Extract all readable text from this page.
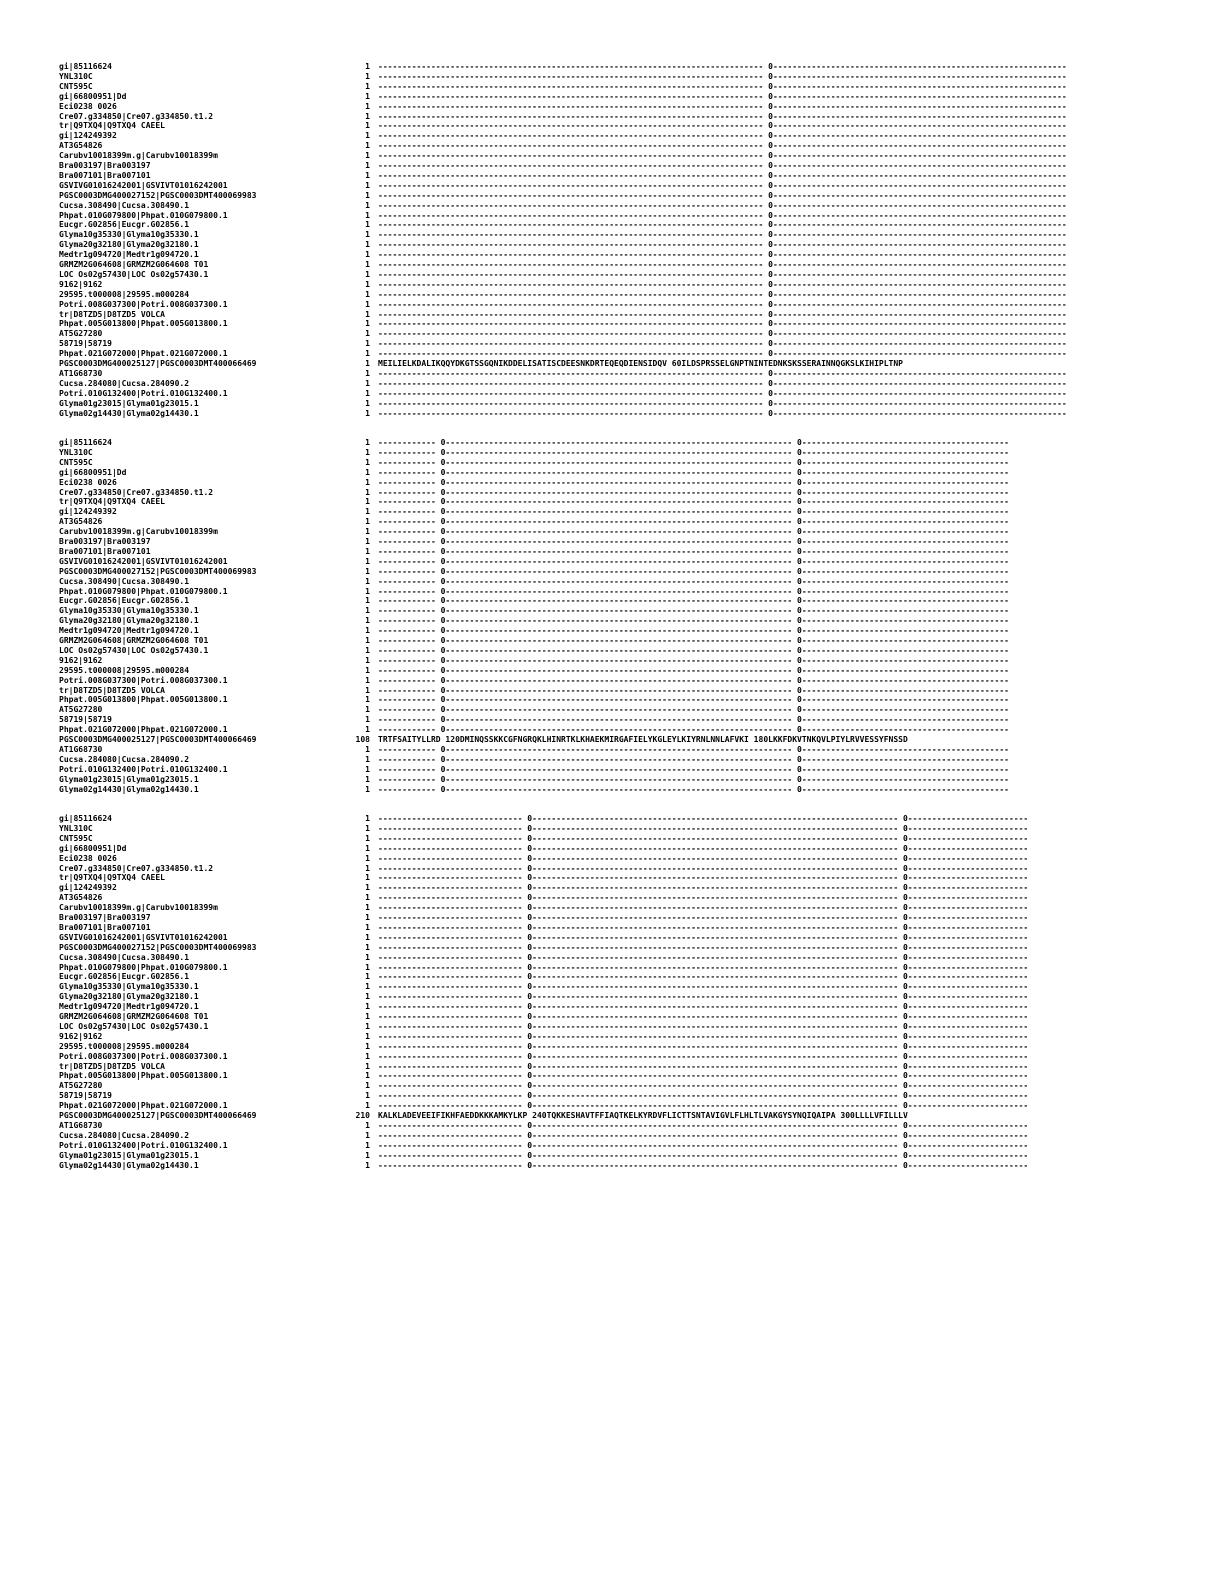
gi|85116624	1 -------------------------------------------------------------------------------- 0-------------------------------------------------------------
YNL310C	1 -------------------------------------------------------------------------------- 0-------------------------------------------------------------
CNT595C	1 -------------------------------------------------------------------------------- 0-------------------------------------------------------------
gi|66800951|Dd	1 -------------------------------------------------------------------------------- 0-------------------------------------------------------------
Eci0238 0026	1 -------------------------------------------------------------------------------- 0-------------------------------------------------------------
Cre07.g334850|Cre07.g334850.t1.2	1 -------------------------------------------------------------------------------- 0-------------------------------------------------------------
tr|Q9TXQ4|Q9TXQ4 CAEEL	1 -------------------------------------------------------------------------------- 0-------------------------------------------------------------
gi|124249392	1 -------------------------------------------------------------------------------- 0-------------------------------------------------------------
AT3G54826	1 -------------------------------------------------------------------------------- 0-------------------------------------------------------------
Carubv10018399m.g|Carubv10018399m	1 -------------------------------------------------------------------------------- 0-------------------------------------------------------------
Bra003197|Bra003197	1 -------------------------------------------------------------------------------- 0-------------------------------------------------------------
Bra007101|Bra007101	1 -------------------------------------------------------------------------------- 0-------------------------------------------------------------
GSVIVG01016242001|GSVIVT01016242001	1 -------------------------------------------------------------------------------- 0-------------------------------------------------------------
PGSC0003DMG400027152|PGSC0003DMT400069983	1 -------------------------------------------------------------------------------- 0-------------------------------------------------------------
Cucsa.308490|Cucsa.308490.1	1 -------------------------------------------------------------------------------- 0-------------------------------------------------------------
Phpat.010G079800|Phpat.010G079800.1	1 -------------------------------------------------------------------------------- 0-------------------------------------------------------------
Eucgr.G02856|Eucgr.G02856.1	1 -------------------------------------------------------------------------------- 0-------------------------------------------------------------
Glyma10g35330|Glyma10g35330.1	1 -------------------------------------------------------------------------------- 0-------------------------------------------------------------
Glyma20g32180|Glyma20g32180.1	1 -------------------------------------------------------------------------------- 0-------------------------------------------------------------
Medtr1g094720|Medtr1g094720.1	1 -------------------------------------------------------------------------------- 0-------------------------------------------------------------
GRMZM2G064608|GRMZM2G064608 T01	1 -------------------------------------------------------------------------------- 0-------------------------------------------------------------
LOC Os02g57430|LOC Os02g57430.1	1 -------------------------------------------------------------------------------- 0-------------------------------------------------------------
9162|9162	1 -------------------------------------------------------------------------------- 0-------------------------------------------------------------
29595.t000008|29595.m000284	1 -------------------------------------------------------------------------------- 0-------------------------------------------------------------
Potri.008G037300|Potri.008G037300.1	1 -------------------------------------------------------------------------------- 0-------------------------------------------------------------
tr|D8TZD5|D8TZD5 VOLCA	1 -------------------------------------------------------------------------------- 0-------------------------------------------------------------
Phpat.005G013800|Phpat.005G013800.1	1 -------------------------------------------------------------------------------- 0-------------------------------------------------------------
AT5G27280	1 -------------------------------------------------------------------------------- 0-------------------------------------------------------------
58719|58719	1 -------------------------------------------------------------------------------- 0-------------------------------------------------------------
Phpat.021G072000|Phpat.021G072000.1	1 -------------------------------------------------------------------------------- 0-------------------------------------------------------------
PGSC0003DMG400025127|PGSC0003DMT400066469	1 MEILIELKDALIKQQYDKGTSSGQNIKDDELISATISCDEESNKDRTEQEQDIENSIDQV 60ILDSPRSSELGNPTNINTEDNKSKSSERAINNQGKSLKIHIPLTNP
AT1G68730	1 -------------------------------------------------------------------------------- 0-------------------------------------------------------------
Cucsa.284080|Cucsa.284090.2	1 -------------------------------------------------------------------------------- 0-------------------------------------------------------------
Potri.010G132400|Potri.010G132400.1	1 -------------------------------------------------------------------------------- 0-------------------------------------------------------------
Glyma01g23015|Glyma01g23015.1	1 -------------------------------------------------------------------------------- 0-------------------------------------------------------------
Glyma02g14430|Glyma02g14430.1	1 -------------------------------------------------------------------------------- 0-------------------------------------------------------------
gi|85116624	1 ------------ 0------------------------------------------------------------------------ 0-------------------------------------------
YNL310C	1 ------------ 0------------------------------------------------------------------------ 0-------------------------------------------
CNT595C	1 ------------ 0------------------------------------------------------------------------ 0-------------------------------------------
gi|66800951|Dd	1 ------------ 0------------------------------------------------------------------------ 0-------------------------------------------
Eci0238 0026	1 ------------ 0------------------------------------------------------------------------ 0-------------------------------------------
Cre07.g334850|Cre07.g334850.t1.2	1 ------------ 0------------------------------------------------------------------------ 0-------------------------------------------
tr|Q9TXQ4|Q9TXQ4 CAEEL	1 ------------ 0------------------------------------------------------------------------ 0-------------------------------------------
gi|124249392	1 ------------ 0------------------------------------------------------------------------ 0-------------------------------------------
AT3G54826	1 ------------ 0------------------------------------------------------------------------ 0-------------------------------------------
Carubv10018399m.g|Carubv10018399m	1 ------------ 0------------------------------------------------------------------------ 0-------------------------------------------
Bra003197|Bra003197	1 ------------ 0------------------------------------------------------------------------ 0-------------------------------------------
Bra007101|Bra007101	1 ------------ 0------------------------------------------------------------------------ 0-------------------------------------------
GSVIVG01016242001|GSVIVT01016242001	1 ------------ 0------------------------------------------------------------------------ 0-------------------------------------------
PGSC0003DMG400027152|PGSC0003DMT400069983	1 ------------ 0------------------------------------------------------------------------ 0-------------------------------------------
Cucsa.308490|Cucsa.308490.1	1 ------------ 0------------------------------------------------------------------------ 0-------------------------------------------
Phpat.010G079800|Phpat.010G079800.1	1 ------------ 0------------------------------------------------------------------------ 0-------------------------------------------
Eucgr.G02856|Eucgr.G02856.1	1 ------------ 0------------------------------------------------------------------------ 0-------------------------------------------
Glyma10g35330|Glyma10g35330.1	1 ------------ 0------------------------------------------------------------------------ 0-------------------------------------------
Glyma20g32180|Glyma20g32180.1	1 ------------ 0------------------------------------------------------------------------ 0-------------------------------------------
Medtr1g094720|Medtr1g094720.1	1 ------------ 0------------------------------------------------------------------------ 0-------------------------------------------
GRMZM2G064608|GRMZM2G064608 T01	1 ------------ 0------------------------------------------------------------------------ 0-------------------------------------------
LOC Os02g57430|LOC Os02g57430.1	1 ------------ 0------------------------------------------------------------------------ 0-------------------------------------------
9162|9162	1 ------------ 0------------------------------------------------------------------------ 0-------------------------------------------
29595.t000008|29595.m000284	1 ------------ 0------------------------------------------------------------------------ 0-------------------------------------------
Potri.008G037300|Potri.008G037300.1	1 ------------ 0------------------------------------------------------------------------ 0-------------------------------------------
tr|D8TZD5|D8TZD5 VOLCA	1 ------------ 0------------------------------------------------------------------------ 0-------------------------------------------
Phpat.005G013800|Phpat.005G013800.1	1 ------------ 0------------------------------------------------------------------------ 0-------------------------------------------
AT5G27280	1 ------------ 0------------------------------------------------------------------------ 0-------------------------------------------
58719|58719	1 ------------ 0------------------------------------------------------------------------ 0-------------------------------------------
Phpat.021G072000|Phpat.021G072000.1	1 ------------ 0------------------------------------------------------------------------ 0-------------------------------------------
PGSC0003DMG400025127|PGSC0003DMT400066469	108 TRTFSAITYLLRD 120DMINQSSKKCGFNGRQKLHINRTKLKHAEKMIRGAFIELYKGLEYLKIYRNLNNLAFVKI 180LKKFDKVTNKQVLPIYLRVVESSYFNSSD
AT1G68730	1 ------------ 0------------------------------------------------------------------------ 0-------------------------------------------
Cucsa.284080|Cucsa.284090.2	1 ------------ 0------------------------------------------------------------------------ 0-------------------------------------------
Potri.010G132400|Potri.010G132400.1	1 ------------ 0------------------------------------------------------------------------ 0-------------------------------------------
Glyma01g23015|Glyma01g23015.1	1 ------------ 0------------------------------------------------------------------------ 0-------------------------------------------
Glyma02g14430|Glyma02g14430.1	1 ------------ 0------------------------------------------------------------------------ 0-------------------------------------------
gi|85116624	1 ------------------------------ 0---------------------------------------------------------------------------- 0-------------------------
YNL310C	1 ------------------------------ 0---------------------------------------------------------------------------- 0-------------------------
CNT595C	1 ------------------------------ 0---------------------------------------------------------------------------- 0-------------------------
gi|66800951|Dd	1 ------------------------------ 0---------------------------------------------------------------------------- 0-------------------------
Eci0238 0026	1 ------------------------------ 0---------------------------------------------------------------------------- 0-------------------------
Cre07.g334850|Cre07.g334850.t1.2	1 ------------------------------ 0---------------------------------------------------------------------------- 0-------------------------
tr|Q9TXQ4|Q9TXQ4 CAEEL	1 ------------------------------ 0---------------------------------------------------------------------------- 0-------------------------
gi|124249392	1 ------------------------------ 0---------------------------------------------------------------------------- 0-------------------------
AT3G54826	1 ------------------------------ 0---------------------------------------------------------------------------- 0-------------------------
Carubv10018399m.g|Carubv10018399m	1 ------------------------------ 0---------------------------------------------------------------------------- 0-------------------------
Bra003197|Bra003197	1 ------------------------------ 0---------------------------------------------------------------------------- 0-------------------------
Bra007101|Bra007101	1 ------------------------------ 0---------------------------------------------------------------------------- 0-------------------------
GSVIVG01016242001|GSVIVT01016242001	1 ------------------------------ 0---------------------------------------------------------------------------- 0-------------------------
PGSC0003DMG400027152|PGSC0003DMT400069983	1 ------------------------------ 0---------------------------------------------------------------------------- 0-------------------------
Cucsa.308490|Cucsa.308490.1	1 ------------------------------ 0---------------------------------------------------------------------------- 0-------------------------
Phpat.010G079800|Phpat.010G079800.1	1 ------------------------------ 0---------------------------------------------------------------------------- 0-------------------------
Eucgr.G02856|Eucgr.G02856.1	1 ------------------------------ 0---------------------------------------------------------------------------- 0-------------------------
Glyma10g35330|Glyma10g35330.1	1 ------------------------------ 0---------------------------------------------------------------------------- 0-------------------------
Glyma20g32180|Glyma20g32180.1	1 ------------------------------ 0---------------------------------------------------------------------------- 0-------------------------
Medtr1g094720|Medtr1g094720.1	1 ------------------------------ 0---------------------------------------------------------------------------- 0-------------------------
GRMZM2G064608|GRMZM2G064608 T01	1 ------------------------------ 0---------------------------------------------------------------------------- 0-------------------------
LOC Os02g57430|LOC Os02g57430.1	1 ------------------------------ 0---------------------------------------------------------------------------- 0-------------------------
9162|9162	1 ------------------------------ 0---------------------------------------------------------------------------- 0-------------------------
29595.t000008|29595.m000284	1 ------------------------------ 0---------------------------------------------------------------------------- 0-------------------------
Potri.008G037300|Potri.008G037300.1	1 ------------------------------ 0---------------------------------------------------------------------------- 0-------------------------
tr|D8TZD5|D8TZD5 VOLCA	1 ------------------------------ 0---------------------------------------------------------------------------- 0-------------------------
Phpat.005G013800|Phpat.005G013800.1	1 ------------------------------ 0---------------------------------------------------------------------------- 0-------------------------
AT5G27280	1 ------------------------------ 0---------------------------------------------------------------------------- 0-------------------------
58719|58719	1 ------------------------------ 0---------------------------------------------------------------------------- 0-------------------------
Phpat.021G072000|Phpat.021G072000.1	1 ------------------------------ 0---------------------------------------------------------------------------- 0-------------------------
PGSC0003DMG400025127|PGSC0003DMT400066469	210 KALKLADEVEEIFIKHFAEDDKKKAMKYLKP 240TQKKESHAVTFFIAQTKELKYRDVFLICTTSNTAVIGVLFLHLTLVAKGYSYNQIQAIPA 300LLLLVFILLLV
AT1G68730	1 ------------------------------ 0---------------------------------------------------------------------------- 0-------------------------
Cucsa.284080|Cucsa.284090.2	1 ------------------------------ 0---------------------------------------------------------------------------- 0-------------------------
Potri.010G132400|Potri.010G132400.1	1 ------------------------------ 0---------------------------------------------------------------------------- 0-------------------------
Glyma01g23015|Glyma01g23015.1	1 ------------------------------ 0---------------------------------------------------------------------------- 0-------------------------
Glyma02g14430|Glyma02g14430.1	1 ------------------------------ 0---------------------------------------------------------------------------- 0-------------------------
